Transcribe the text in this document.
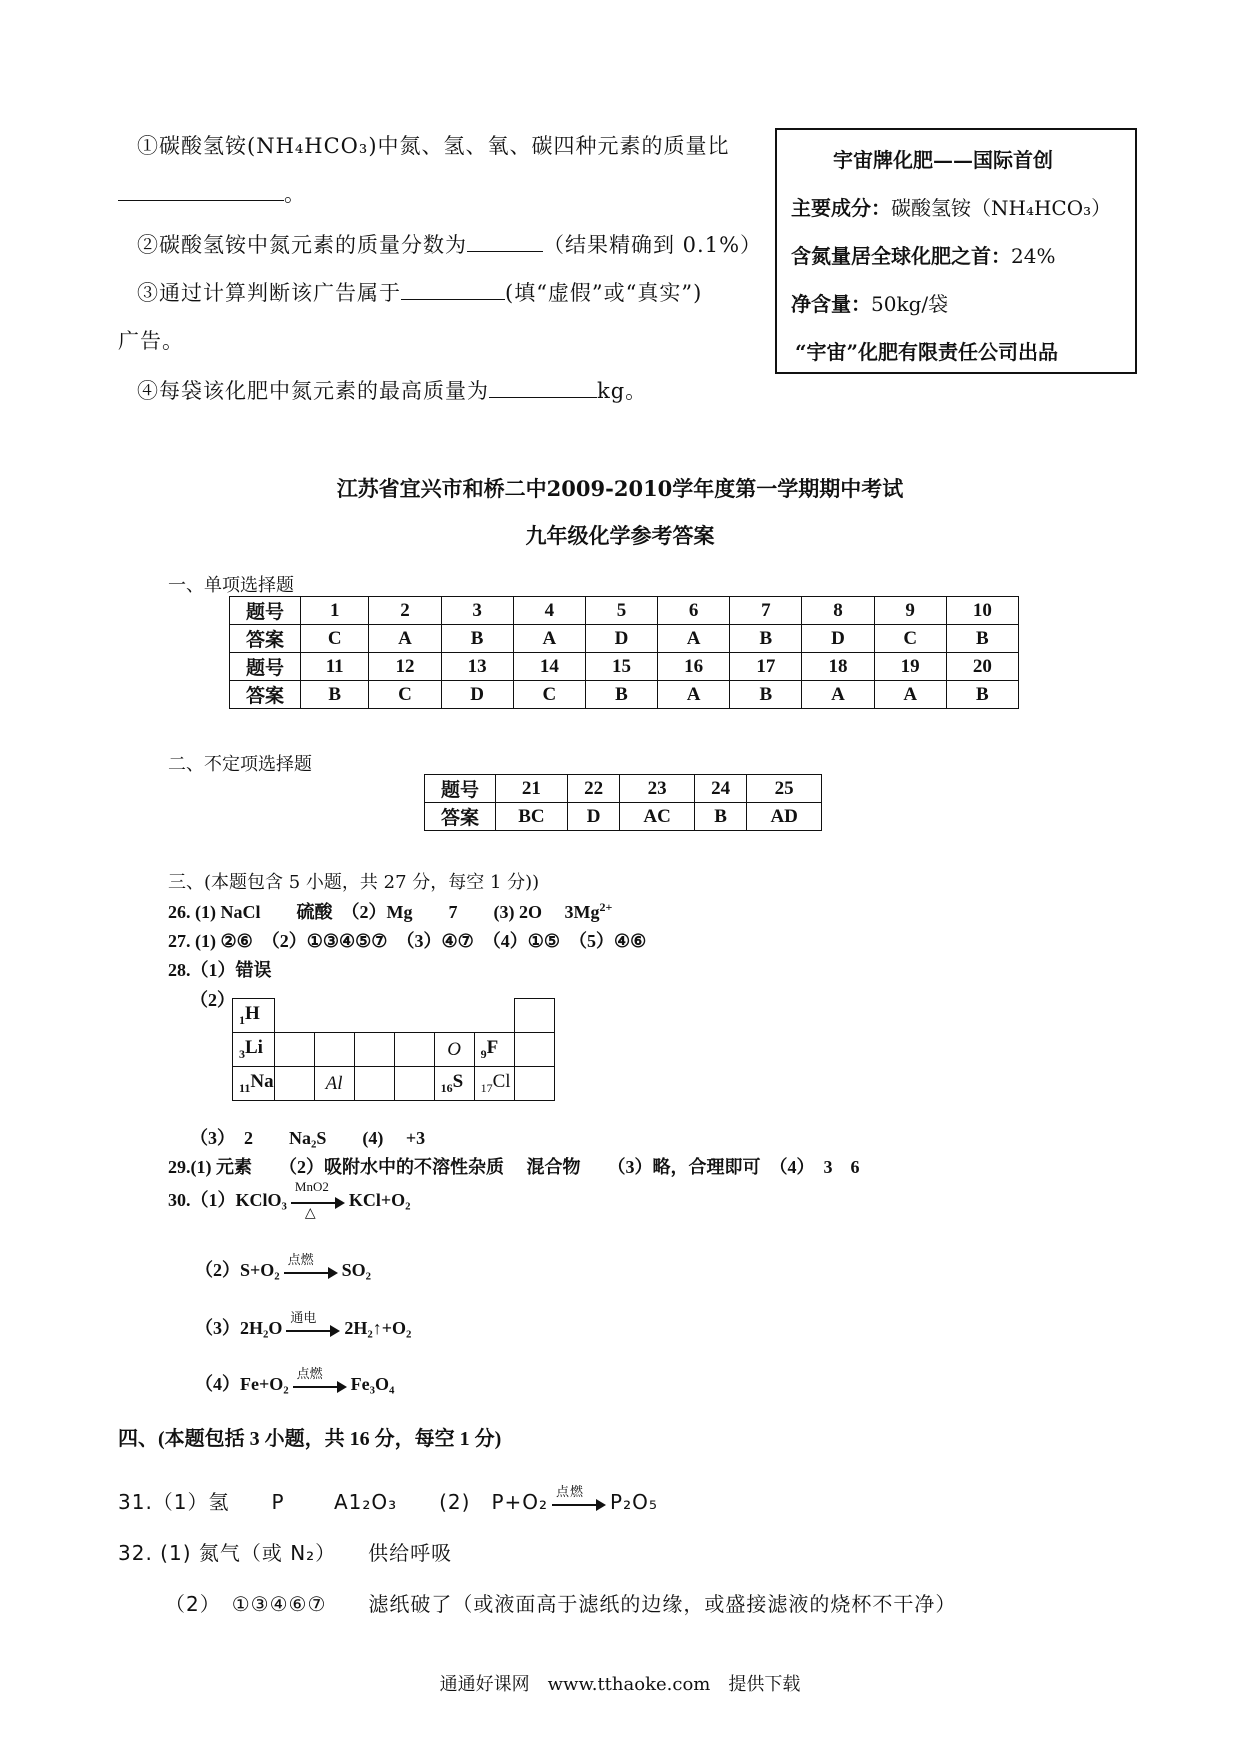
①碳酸氢铵(NH₄HCO₃)中氮、氢、氧、碳四种元素的质量比
。
②碳酸氢铵中氮元素的质量分数为	（结果精确到 0.1%）
③通过计算判断该广告属于	(填“虚假”或“真实”)
广告。
④每袋该化肥中氮元素的最高质量为	kg。
宇宙牌化肥——国际首创
主要成分：碳酸氢铵（NH₄HCO₃）
含氮量居全球化肥之首：24%
净含量：50kg/袋
“宇宙”化肥有限责任公司出品
江苏省宜兴市和桥二中2009-2010学年度第一学期期中考试
九年级化学参考答案
一、单项选择题
题号	1	2	3	4	5	6	7	8	9	10
答案	C	A	B	A	D	A	B	D	C	B
题号	11	12	13	14	15	16	17	18	19	20
答案	B	C	D	C	B	A	B	A	A	B
二、不定项选择题
题号	21	22	23	24	25
答案	BC	D	AC	B	AD
三、(本题包含 5 小题，共 27 分，每空 1 分))
26. (1) NaCl　　硫酸　（2）Mg　　7　　(3) 2O　 $3Mg^{2+}$
27. (1) ②⑥　（2）①③④⑤⑦　（3）④⑦　（4）①⑤　（5）④⑥
28.（1）错误
（2）
$_1$H							
$_3$Li					O	$_9$F	
$_{11}$Na		Al			$_{16}$S	$_{17}$Cl	
（3）　2　　Na₂S　　(4)　 +3
29.(1) 元素　　（2）吸附水中的不溶性杂质　 混合物　　（3）略，合理即可　（4）　3　6
30.（1）KClO₃
MnO2
△
KCl+O₂
（2）S+O₂
点燃
SO₂
（3）2H₂O
通电
2H₂↑+O₂
（4）Fe+O₂
点燃
Fe₃O₄
四、(本题包括 3 小题，共 16 分，每空 1 分)
31.（1）氢　　P　　 A1₂O₃　　(2)　P+O₂ 点燃 P₂O₅
32. (1) 氮气（或 N₂）　　供给呼吸
（2）　①③④⑥⑦　　滤纸破了（或液面高于滤纸的边缘，或盛接滤液的烧杯不干净）
通通好课网　www.tthaoke.com　提供下载
